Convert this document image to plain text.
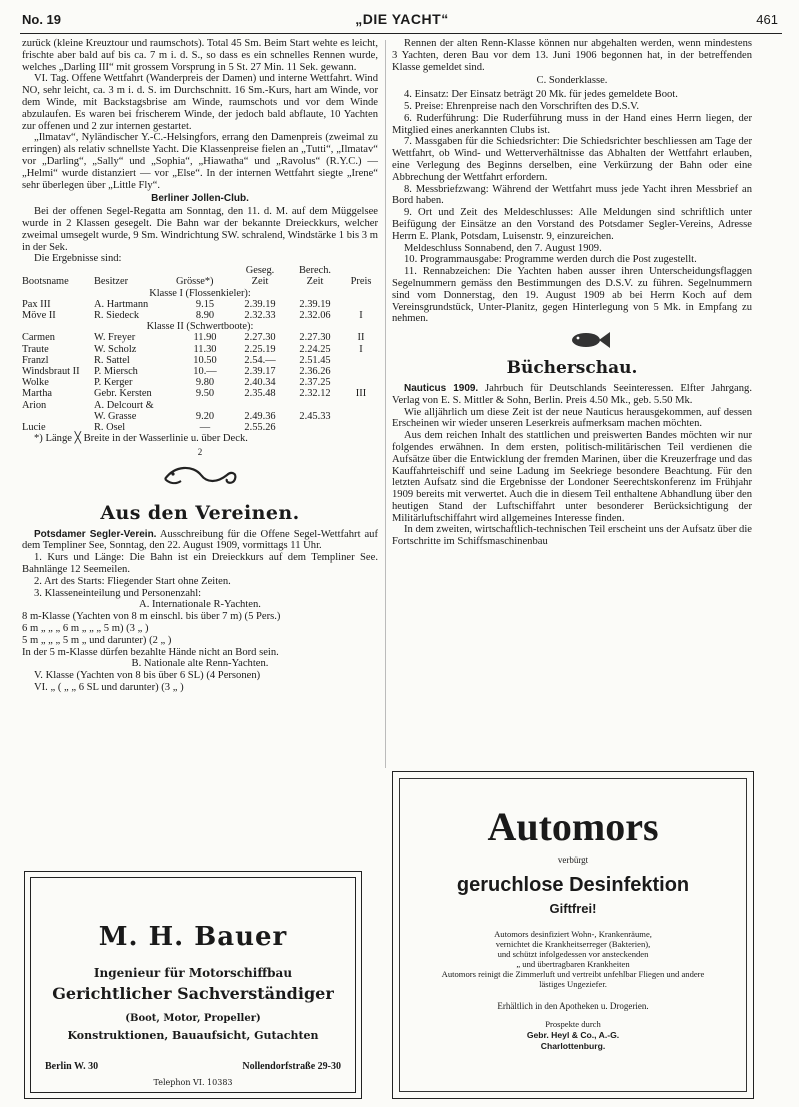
No. 19	„DIE YACHT“	461

zurück (kleine Kreuztour und raumschots). Total 45 Sm. Beim Start wehte es leicht, frischte aber bald auf bis ca. 7 m i. d. S., so dass es ein schnelles Rennen wurde, welches „Darling III“ mit grossem Vorsprung in 5 St. 27 Min. 11 Sek. gewann.

VI. Tag. Offene Wettfahrt (Wanderpreis der Damen) und interne Wettfahrt. Wind NO, sehr leicht, ca. 3 m i. d. S. im Durchschnitt. 16 Sm.-Kurs, hart am Winde, vor dem Winde, mit Backstagsbrise am Winde, raumschots und vor dem Winde abzulaufen. Es waren bei frischerem Winde, der jedoch bald abflaute, 10 Yachten zur offenen und 2 zur internen gestartet.

„Ilmatav“, Nyländischer Y.-C.-Helsingfors, errang den Damenpreis (zweimal zu erringen) als relativ schnellste Yacht. Die Klassenpreise fielen an „Tutti“, „Ilmatav“ vor „Darling“, „Sally“ und „Sophia“, „Hiawatha“ und „Ravolus“ (R.Y.C.) — „Helmi“ wurde distanziert — vor „Else“. In der internen Wettfahrt siegte „Irene“ sehr überlegen über „Little Fly“.

Berliner Jollen-Club.

Bei der offenen Segel-Regatta am Sonntag, den 11. d. M. auf dem Müggelsee wurde in 2 Klassen gesegelt. Die Bahn war der bekannte Dreieckkurs, welcher zweimal umsegelt wurde, 9 Sm. Windrichtung SW. schralend, Windstärke 1 bis 3 m in der Sek.

Die Ergebnisse sind:

			Geseg.	Berech.	
Bootsname	Besitzer	Grösse*)	Zeit	Zeit	Preis
Klasse I (Flossenkieler):					
Pax III	A. Hartmann	9.15	2.39.19	2.39.19	
Möve II	R. Siedeck	8.90	2.32.33	2.32.06	I
Klasse II (Schwertboote):					
Carmen	W. Freyer	11.90	2.27.30	2.27.30	II
Traute	W. Scholz	11.30	2.25.19	2.24.25	I
Franzl	R. Sattel	10.50	2.54.—	2.51.45	
Windsbraut II	P. Miersch	10.—	2.39.17	2.36.26	
Wolke	P. Kerger	9.80	2.40.34	2.37.25	
Martha	Gebr. Kersten	9.50	2.35.48	2.32.12	III
Arion	A. Delcourt &				
	W. Grasse	9.20	2.49.36	2.45.33	
Lucie	R. Osel	—	2.55.26		

*) Länge ╳ Breite in der Wasserlinie u. über Deck.

2
Aus den Vereinen.

Potsdamer Segler-Verein. Ausschreibung für die Offene Segel-Wettfahrt auf dem Templiner See, Sonntag, den 22. August 1909, vormittags 11 Uhr.

1. Kurs und Länge: Die Bahn ist ein Dreieckkurs auf dem Templiner See. Bahnlänge 12 Seemeilen.

2. Art des Starts: Fliegender Start ohne Zeiten.

3. Klasseneinteilung und Personenzahl:

A. Internationale R-Yachten.

8 m-Klasse (Yachten von 8 m einschl. bis über 7 m) (5 Pers.)

6 m „ „ „ 6 m „ „ „ 5 m) (3 „ )

5 m „ „ „ 5 m „ und darunter) (2 „ )

In der 5 m-Klasse dürfen bezahlte Hände nicht an Bord sein.

B. Nationale alte Renn-Yachten.

V. Klasse (Yachten von 8 bis über 6 SL) (4 Personen)

VI. „ ( „ „ 6 SL und darunter) (3 „ )

Rennen der alten Renn-Klasse können nur abgehalten werden, wenn mindestens 3 Yachten, deren Bau vor dem 13. Juni 1906 begonnen hat, in der betreffenden Klasse gemeldet sind.

C. Sonderklasse.

4. Einsatz: Der Einsatz beträgt 20 Mk. für jedes gemeldete Boot.

5. Preise: Ehrenpreise nach den Vorschriften des D.S.V.

6. Ruderführung: Die Ruderführung muss in der Hand eines Herrn liegen, der Mitglied eines anerkannten Clubs ist.

7. Massgaben für die Schiedsrichter: Die Schiedsrichter beschliessen am Tage der Wettfahrt, ob Wind- und Wetterverhältnisse das Abhalten der Wettfahrt erlauben, eine Verlegung des Beginns derselben, eine Verkürzung der Bahn oder eine Abbrechung der Wettfahrt erfordern.

8. Messbriefzwang: Während der Wettfahrt muss jede Yacht ihren Messbrief an Bord haben.

9. Ort und Zeit des Meldeschlusses: Alle Meldungen sind schriftlich unter Beifügung der Einsätze an den Vorstand des Potsdamer Segler-Vereins, Adresse Herrn E. Plank, Potsdam, Luisenstr. 9, einzureichen.

Meldeschluss Sonnabend, den 7. August 1909.

10. Programmausgabe: Programme werden durch die Post zugestellt.

11. Rennabzeichen: Die Yachten haben ausser ihren Unterscheidungsflaggen Segelnummern gemäss den Bestimmungen des D.S.V. zu führen. Segelnummern sind vom Donnerstag, den 19. August 1909 ab bei Herrn Koch auf dem Vereinsgrundstück, Unter-Planitz, gegen Hinterlegung von 5 Mk. in Empfang zu nehmen.

Bücherschau.

Nauticus 1909. Jahrbuch für Deutschlands Seeinteressen. Elfter Jahrgang. Verlag von E. S. Mittler & Sohn, Berlin. Preis 4.50 Mk., geb. 5.50 Mk.

Wie alljährlich um diese Zeit ist der neue Nauticus herausgekommen, auf dessen Erscheinen wir wieder unseren Leserkreis aufmerksam machen möchten.

Aus dem reichen Inhalt des stattlichen und preiswerten Bandes möchten wir nur folgendes erwähnen. In dem ersten, politisch-militärischen Teil verdienen die Aufsätze über die Entwicklung der fremden Marinen, über die Kreuzerfrage und das Kauffahrteischiff und seine Ladung im Seekriege besondere Beachtung. Für den letzten Aufsatz sind die Ergebnisse der Londoner Seerechtskonferenz im Frühjahr 1909 bereits mit verwertet. Auch die in diesem Teil enthaltene Abhandlung über den heutigen Stand der Luftschiffahrt unter besonderer Berücksichtigung der Militärluftschiffahrt wird allgemeines Interesse finden.

In dem zweiten, wirtschaftlich-technischen Teil erscheint uns der Aufsatz über die Fortschritte im Schiffsmaschinenbau

M. H. Bauer
Ingenieur für Motorschiffbau
Gerichtlicher Sachverständiger
(Boot, Motor, Propeller)
Konstruktionen, Bauaufsicht, Gutachten
Berlin W. 30	Nollendorfstraße 29-30
Telephon VI. 10383
Automors
verbürgt
geruchlose Desinfektion
Giftfrei!
Automors desinfiziert Wohn-, Krankenräume,
vernichtet die Krankheitserreger (Bakterien),
und schützt infolgedessen vor ansteckenden
„ und übertragbaren Krankheiten
Automors reinigt die Zimmerluft und vertreibt unfehlbar Fliegen und andere lästiges Ungeziefer.
Erhältlich in den Apotheken u. Drogerien.
Prospekte durch
Gebr. Heyl & Co., A.-G.
Charlottenburg.
